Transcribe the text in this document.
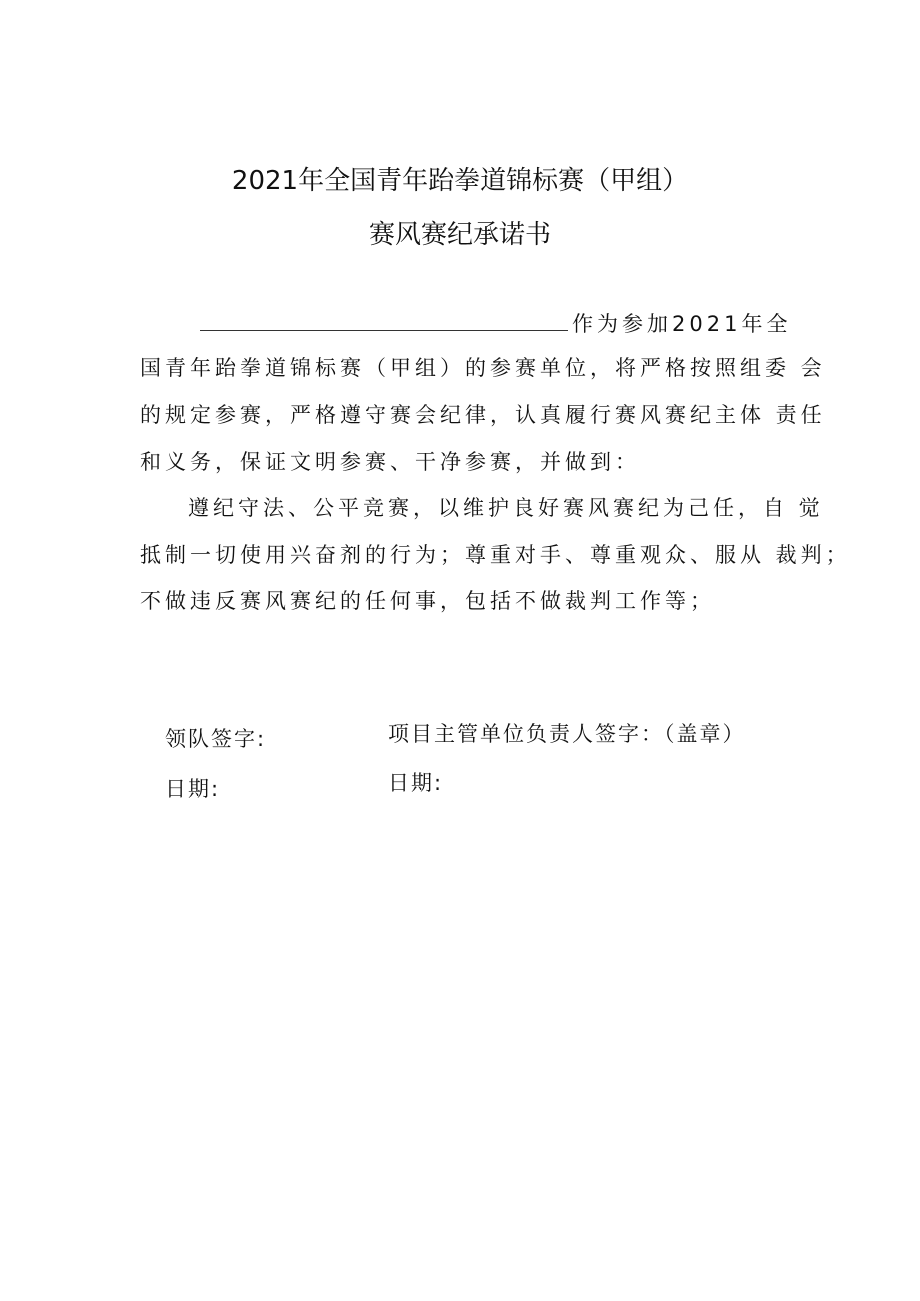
2021年全国青年跆拳道锦标赛（甲组）
赛风赛纪承诺书
作为参加2021年全
国青年跆拳道锦标赛（甲组）的参赛单位，将严格按照组委 会
的规定参赛，严格遵守赛会纪律，认真履行赛风赛纪主体 责任
和义务，保证文明参赛、干净参赛，并做到：
遵纪守法、公平竞赛，以维护良好赛风赛纪为己任，自 觉
抵制一切使用兴奋剂的行为；尊重对手、尊重观众、服从 裁判；
不做违反赛风赛纪的任何事，包括不做裁判工作等；
领队签字:	项目主管单位负责人签字：（盖章）
日期:	日期:
